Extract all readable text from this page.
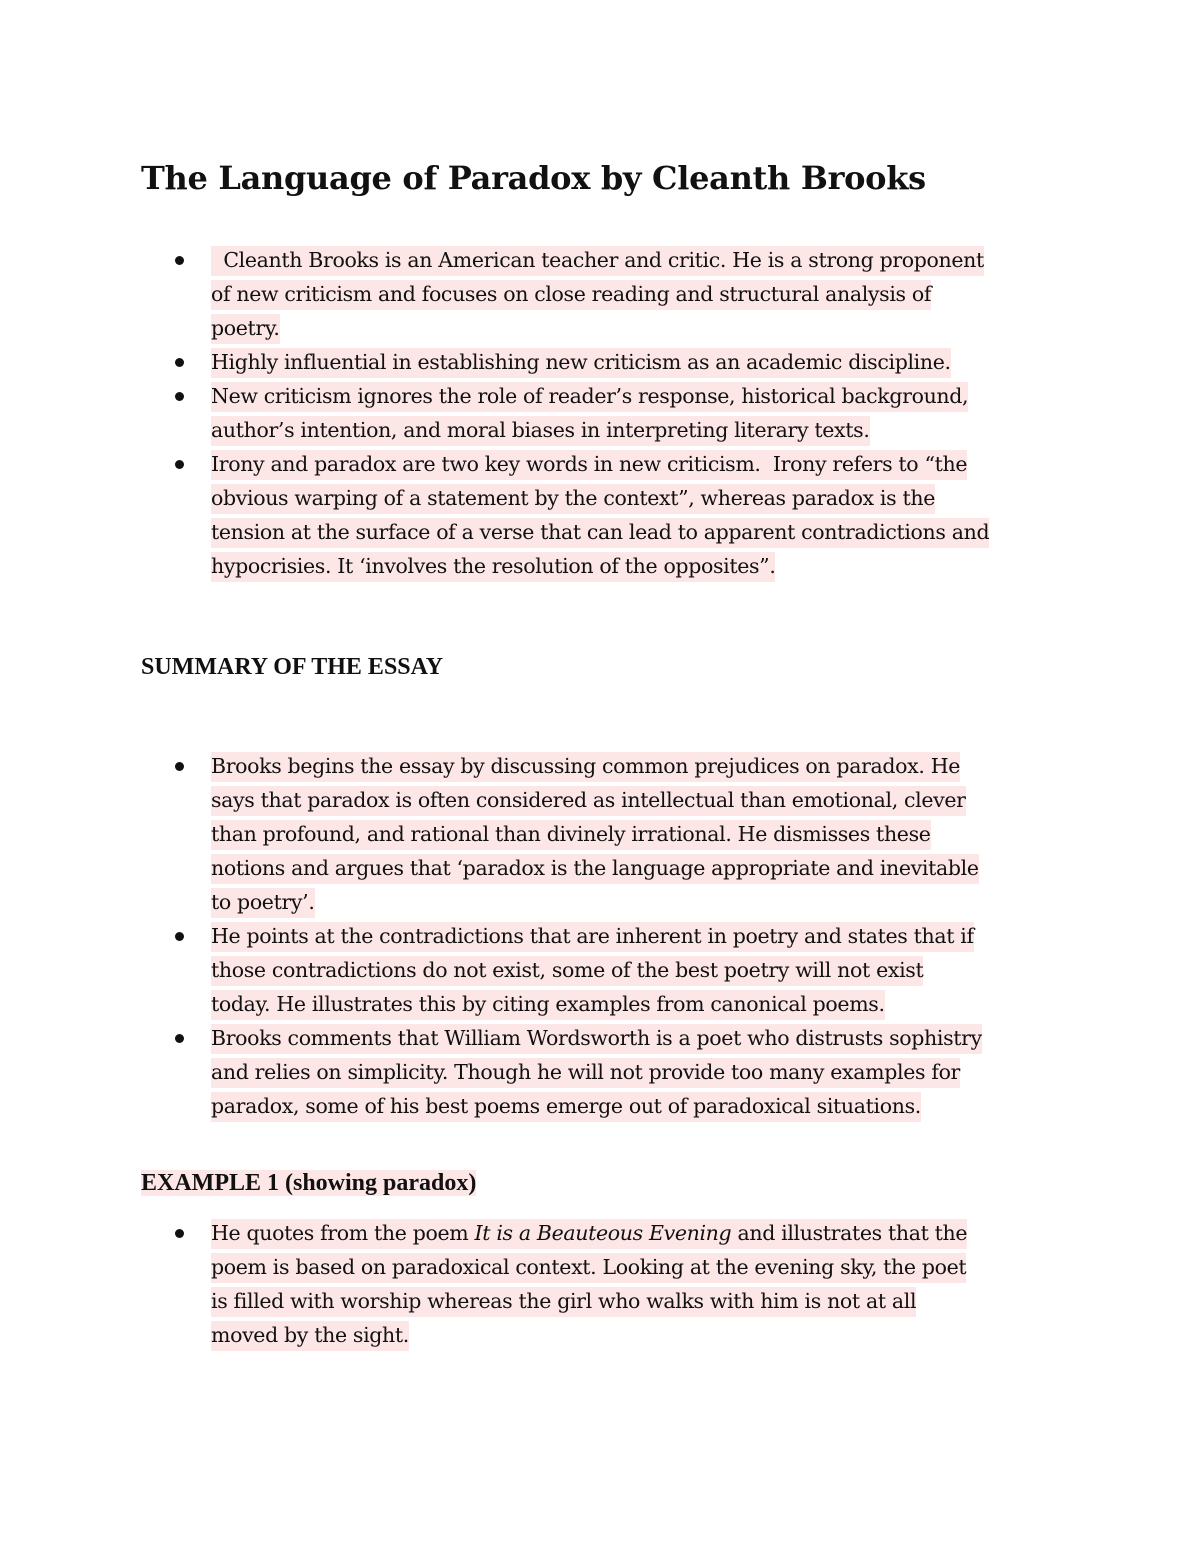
The Language of Paradox by Cleanth Brooks
Cleanth Brooks is an American teacher and critic. He is a strong proponent
of new criticism and focuses on close reading and structural analysis of
poetry.
Highly influential in establishing new criticism as an academic discipline.
New criticism ignores the role of reader’s response, historical background,
author’s intention, and moral biases in interpreting literary texts.
Irony and paradox are two key words in new criticism.  Irony refers to “the
obvious warping of a statement by the context”, whereas paradox is the
tension at the surface of a verse that can lead to apparent contradictions and
hypocrisies. It ‘involves the resolution of the opposites”.
SUMMARY OF THE ESSAY
Brooks begins the essay by discussing common prejudices on paradox. He
says that paradox is often considered as intellectual than emotional, clever
than profound, and rational than divinely irrational. He dismisses these
notions and argues that ‘paradox is the language appropriate and inevitable
to poetry’.
He points at the contradictions that are inherent in poetry and states that if
those contradictions do not exist, some of the best poetry will not exist
today. He illustrates this by citing examples from canonical poems.
Brooks comments that William Wordsworth is a poet who distrusts sophistry
and relies on simplicity. Though he will not provide too many examples for
paradox, some of his best poems emerge out of paradoxical situations.
EXAMPLE 1 (showing paradox)
He quotes from the poem It is a Beauteous Evening and illustrates that the
poem is based on paradoxical context. Looking at the evening sky, the poet
is filled with worship whereas the girl who walks with him is not at all
moved by the sight.
